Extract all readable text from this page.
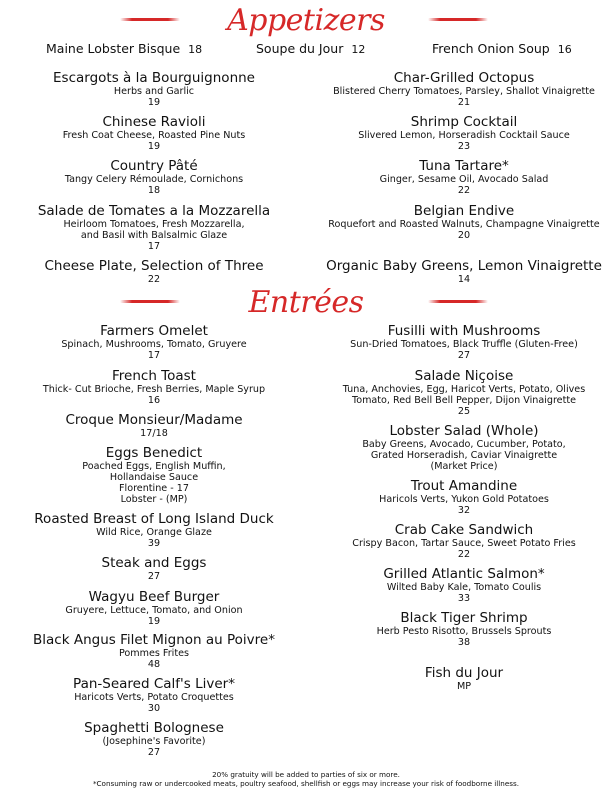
Appetizers
Maine Lobster Bisque 18	Soupe du Jour 12	French Onion Soup 16
Escargots à la Bourguignonne
Herbs and Garlic
19
Chinese Ravioli
Fresh Coat Cheese, Roasted Pine Nuts
19
Country Pâté
Tangy Celery Rémoulade, Cornichons
18
Salade de Tomates a la Mozzarella
Heirloom Tomatoes, Fresh Mozzarella,
and Basil with Balsalmic Glaze
17
Cheese Plate, Selection of Three
22
Char-Grilled Octopus
Blistered Cherry Tomatoes, Parsley, Shallot Vinaigrette
21
Shrimp Cocktail
Slivered Lemon, Horseradish Cocktail Sauce
23
Tuna Tartare*
Ginger, Sesame Oil, Avocado Salad
22
Belgian Endive
Roquefort and Roasted Walnuts, Champagne Vinaigrette
20
Organic Baby Greens, Lemon Vinaigrette
14
Entrées
Farmers Omelet
Spinach, Mushrooms, Tomato, Gruyere
17
French Toast
Thick- Cut Brioche, Fresh Berries, Maple Syrup
16
Croque Monsieur/Madame
17/18
Eggs Benedict
Poached Eggs, English Muffin,
Hollandaise Sauce
Florentine - 17
Lobster - (MP)
Roasted Breast of Long Island Duck
Wild Rice, Orange Glaze
39
Steak and Eggs
27
Wagyu Beef Burger
Gruyere, Lettuce, Tomato, and Onion
19
Black Angus Filet Mignon au Poivre*
Pommes Frites
48
Pan-Seared Calf's Liver*
Haricots Verts, Potato Croquettes
30
Spaghetti Bolognese
(Josephine's Favorite)
27
Fusilli with Mushrooms
Sun-Dried Tomatoes, Black Truffle (Gluten-Free)
27
Salade Niçoise
Tuna, Anchovies, Egg, Haricot Verts, Potato, Olives
Tomato, Red Bell Bell Pepper, Dijon Vinaigrette
25
Lobster Salad (Whole)
Baby Greens, Avocado, Cucumber, Potato,
Grated Horseradish, Caviar Vinaigrette
(Market Price)
Trout Amandine
Haricols Verts, Yukon Gold Potatoes
32
Crab Cake Sandwich
Crispy Bacon, Tartar Sauce, Sweet Potato Fries
22
Grilled Atlantic Salmon*
Wilted Baby Kale, Tomato Coulis
33
Black Tiger Shrimp
Herb Pesto Risotto, Brussels Sprouts
38
Fish du Jour
MP
20% gratuity will be added to parties of six or more.
*Consuming raw or undercooked meats, poultry seafood, shellfish or eggs may increase your risk of foodborne illness.
